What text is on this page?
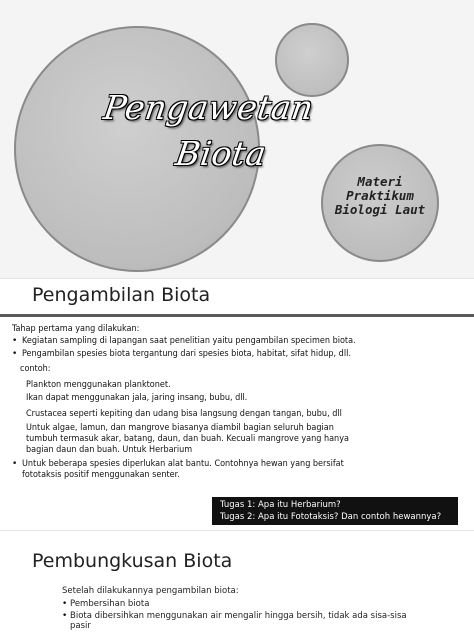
Pengawetan
Biota
Materi
Praktikum
Biologi Laut
Pengambilan Biota
Tahap pertama yang dilakukan:
• Kegiatan sampling di lapangan saat penelitian yaitu pengambilan specimen biota.
• Pengambilan spesies biota tergantung dari spesies biota, habitat, sifat hidup, dll.
contoh:
Plankton menggunakan planktonet.
Ikan dapat menggunakan jala, jaring insang, bubu, dll.
Crustacea seperti kepiting dan udang bisa langsung dengan tangan, bubu, dll
Untuk algae, lamun, dan mangrove biasanya diambil bagian seluruh bagian
tumbuh termasuk akar, batang, daun, dan buah. Kecuali mangrove yang hanya
bagian daun dan buah. Untuk Herbarium
• Untuk beberapa spesies diperlukan alat bantu. Contohnya hewan yang bersifat
fototaksis positif menggunakan senter.
Tugas 1: Apa itu Herbarium?
Tugas 2: Apa itu Fototaksis? Dan contoh hewannya?
Pembungkusan Biota
Setelah dilakukannya pengambilan biota:
• Pembersihan biota
• Biota dibersihkan menggunakan air mengalir hingga bersih, tidak ada sisa-sisa
pasir
